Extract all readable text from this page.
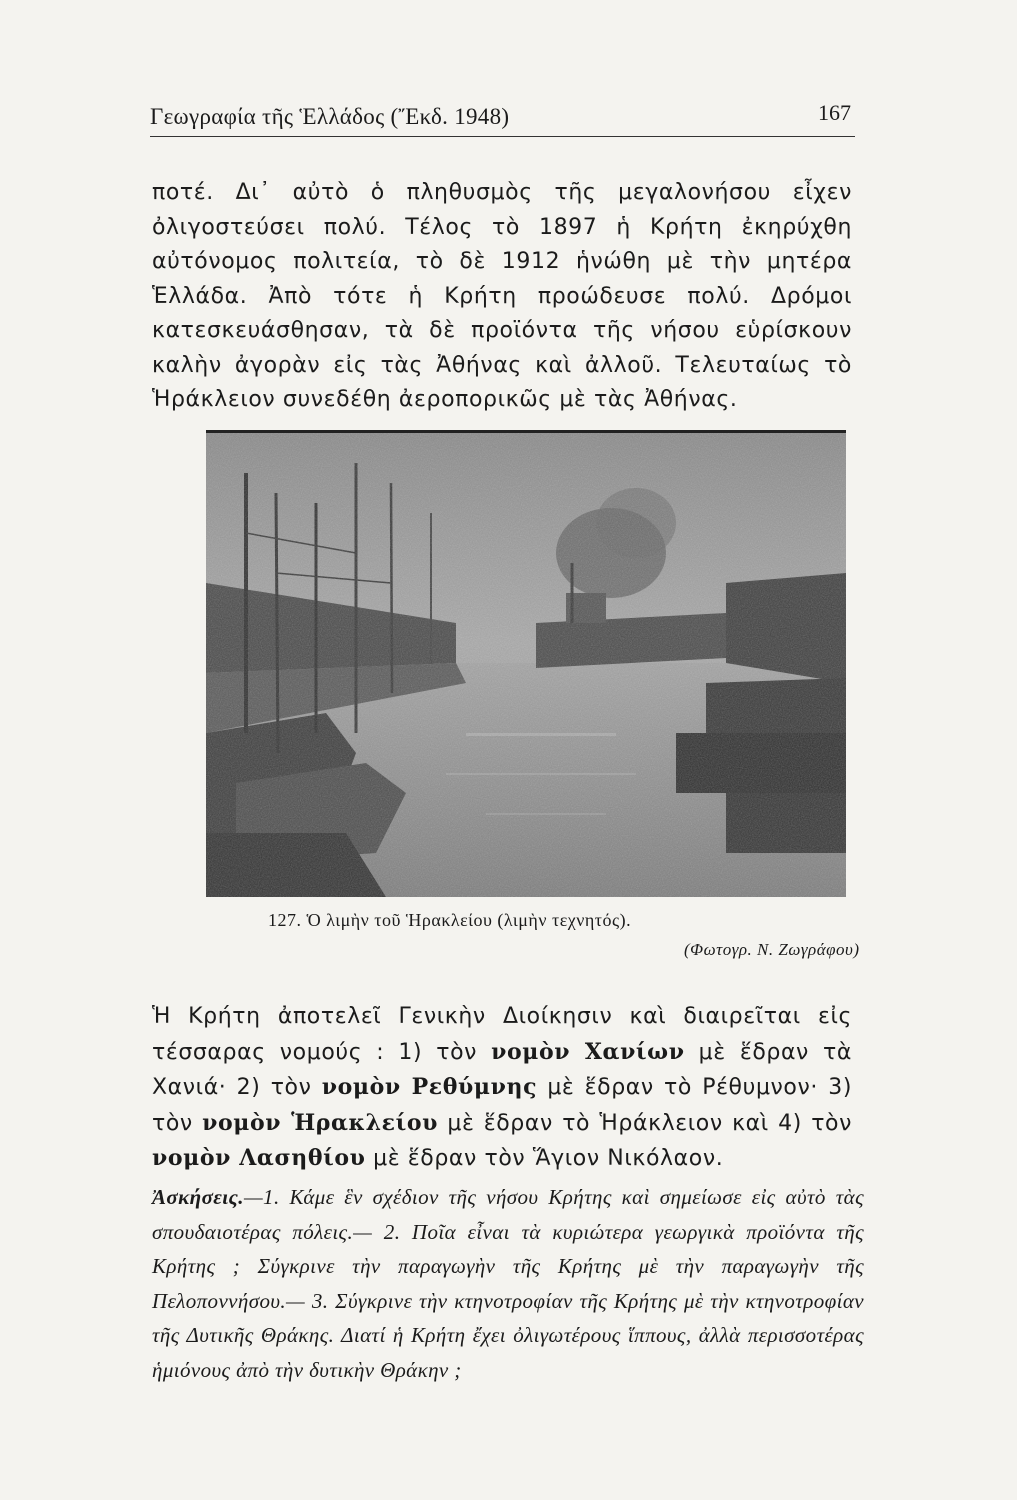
Γεωγραφία τῆς Ἑλλάδος (Ἔκδ. 1948)	167

ποτέ. Δι᾿ αὐτὸ ὁ πληθυσμὸς τῆς μεγαλονήσου εἶχεν ὀλιγοστεύσει πολύ. Τέλος τὸ 1897 ἡ Κρήτη ἐκηρύχθη αὐτόνομος πολιτεία, τὸ δὲ 1912 ἡνώθη μὲ τὴν μητέρα Ἑλλάδα. Ἀπὸ τότε ἡ Κρήτη προώδευσε πολύ. Δρόμοι κατεσκευάσθησαν, τὰ δὲ προϊόντα τῆς νήσου εὑρίσκουν καλὴν ἀγορὰν εἰς τὰς Ἀθήνας καὶ ἀλλοῦ. Τελευταίως τὸ Ἡράκλειον συνεδέθη ἀεροπορικῶς μὲ τὰς Ἀθήνας.

127. Ὁ λιμὴν τοῦ Ἡρακλείου (λιμὴν τεχνητός).
(Φωτογρ. Ν. Ζωγράφου)

Ἡ Κρήτη ἀποτελεῖ Γενικὴν Διοίκησιν καὶ διαιρεῖται εἰς τέσσαρας νομούς : 1) τὸν νομὸν Χανίων μὲ ἕδραν τὰ Χανιά· 2) τὸν νομὸν Ρεθύμνης μὲ ἕδραν τὸ Ρέθυμνον· 3) τὸν νομὸν Ἡρακλείου μὲ ἕδραν τὸ Ἡράκλειον καὶ 4) τὸν νομὸν Λασηθίου μὲ ἕδραν τὸν Ἅγιον Νικόλαον.

Ἀσκήσεις.—1. Κάμε ἓν σχέδιον τῆς νήσου Κρήτης καὶ σημείωσε εἰς αὐτὸ τὰς σπουδαιοτέρας πόλεις.— 2. Ποῖα εἶναι τὰ κυριώτερα γεωργικὰ προϊόντα τῆς Κρήτης ; Σύγκρινε τὴν παραγωγὴν τῆς Κρήτης μὲ τὴν παραγωγὴν τῆς Πελοποννήσου.— 3. Σύγκρινε τὴν κτηνοτροφίαν τῆς Κρήτης μὲ τὴν κτηνοτροφίαν τῆς Δυτικῆς Θράκης. Διατί ἡ Κρήτη ἔχει ὀλιγωτέρους ἵππους, ἀλλὰ περισσοτέρας ἡμιόνους ἀπὸ τὴν δυτικὴν Θράκην ;
